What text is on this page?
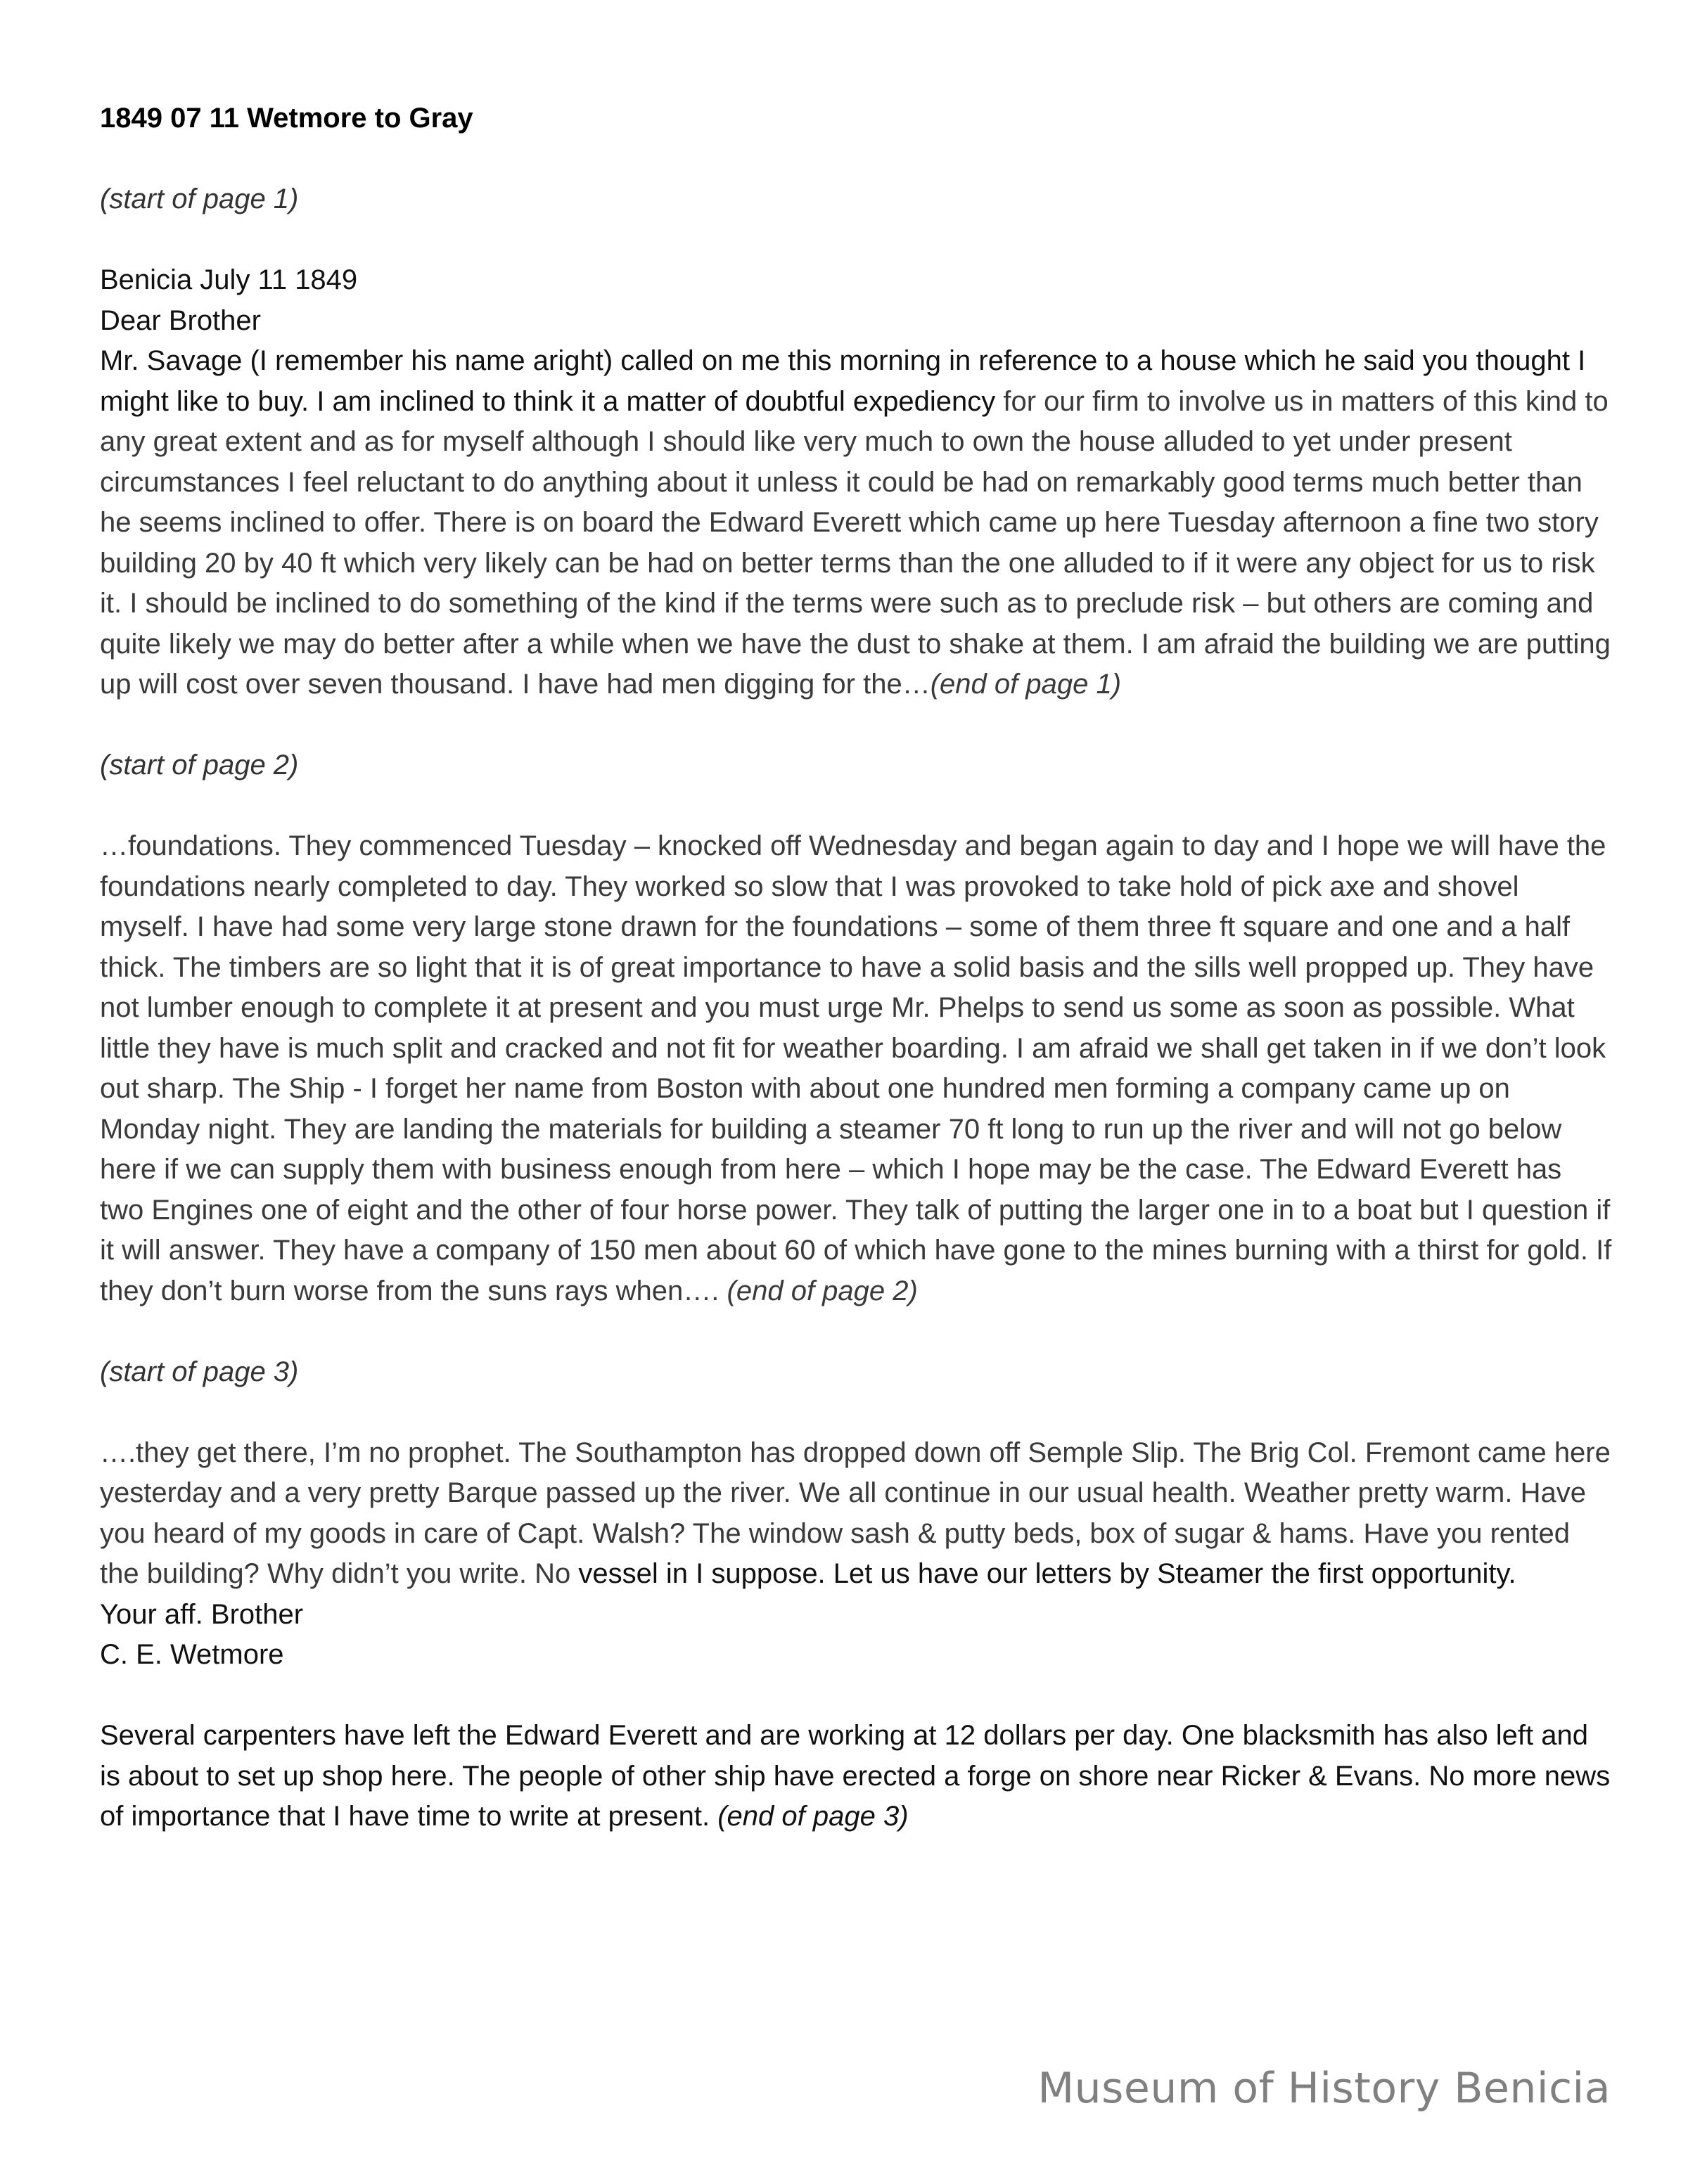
1849 07 11 Wetmore to Gray

(start of page 1)

Benicia July 11 1849

Dear Brother

Mr. Savage (I remember his name aright) called on me this morning in reference to a house which he said you thought I might like to buy. I am inclined to think it a matter of doubtful expediency for our firm to involve us in matters of this kind to any great extent and as for myself although I should like very much to own the house alluded to yet under present circumstances I feel reluctant to do anything about it unless it could be had on remarkably good terms much better than he seems inclined to offer. There is on board the Edward Everett which came up here Tuesday afternoon a fine two story building 20 by 40 ft which very likely can be had on better terms than the one alluded to if it were any object for us to risk it. I should be inclined to do something of the kind if the terms were such as to preclude risk – but others are coming and quite likely we may do better after a while when we have the dust to shake at them. I am afraid the building we are putting up will cost over seven thousand. I have had men digging for the…(end of page 1)

(start of page 2)

…foundations. They commenced Tuesday – knocked off Wednesday and began again to day and I hope we will have the foundations nearly completed to day. They worked so slow that I was provoked to take hold of pick axe and shovel myself. I have had some very large stone drawn for the foundations – some of them three ft square and one and a half thick. The timbers are so light that it is of great importance to have a solid basis and the sills well propped up. They have not lumber enough to complete it at present and you must urge Mr. Phelps to send us some as soon as possible. What little they have is much split and cracked and not fit for weather boarding. I am afraid we shall get taken in if we don’t look out sharp. The Ship - I forget her name from Boston with about one hundred men forming a company came up on Monday night. They are landing the materials for building a steamer 70 ft long to run up the river and will not go below here if we can supply them with business enough from here – which I hope may be the case. The Edward Everett has two Engines one of eight and the other of four horse power. They talk of putting the larger one in to a boat but I question if it will answer. They have a company of 150 men about 60 of which have gone to the mines burning with a thirst for gold. If they don’t burn worse from the suns rays when…. (end of page 2)

(start of page 3)

….they get there, I’m no prophet. The Southampton has dropped down off Semple Slip. The Brig Col. Fremont came here yesterday and a very pretty Barque passed up the river. We all continue in our usual health. Weather pretty warm. Have you heard of my goods in care of Capt. Walsh? The window sash & putty beds, box of sugar & hams. Have you rented the building? Why didn’t you write. No vessel in I suppose. Let us have our letters by Steamer the first opportunity.

Your aff. Brother

C. E. Wetmore

Several carpenters have left the Edward Everett and are working at 12 dollars per day. One blacksmith has also left and is about to set up shop here. The people of other ship have erected a forge on shore near Ricker & Evans. No more news of importance that I have time to write at present. (end of page 3)

Museum of History Benicia
